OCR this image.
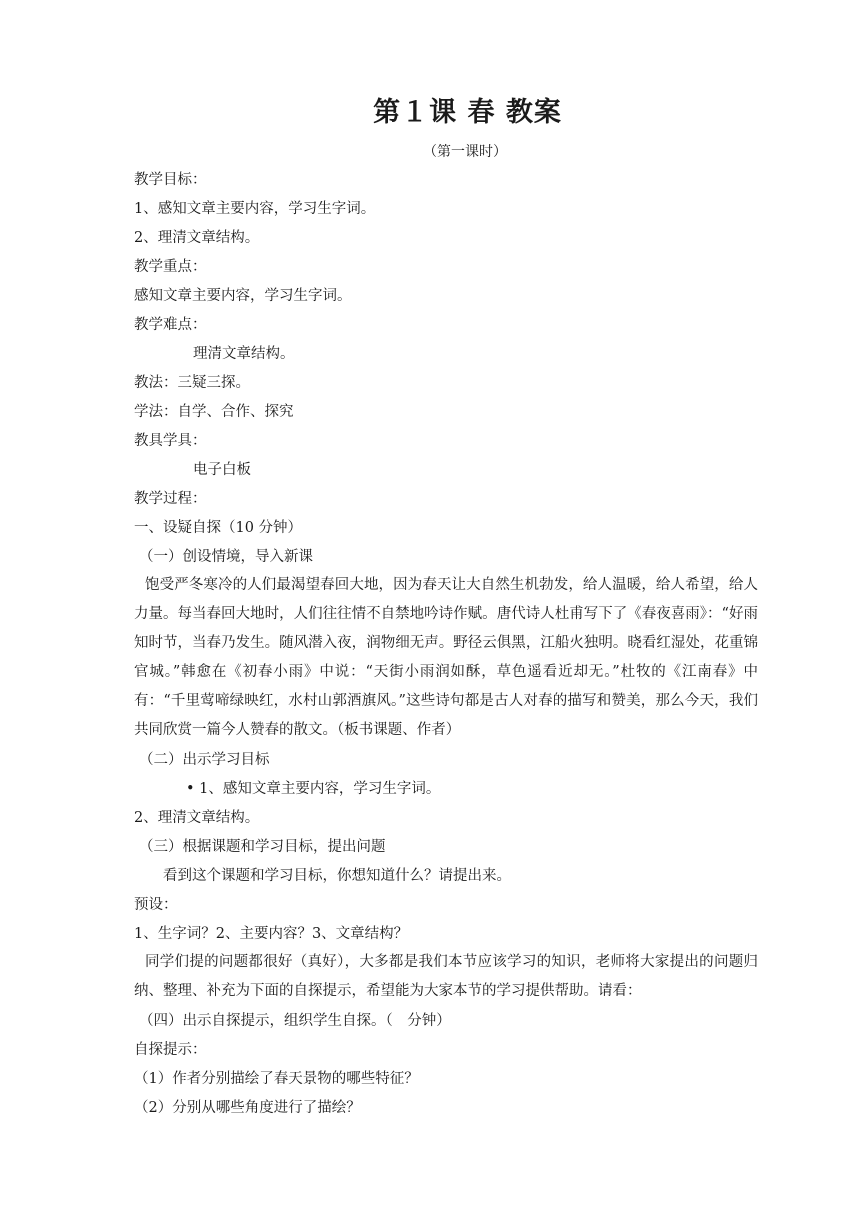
第１课 春 教案
（第一课时）
教学目标：
1、感知文章主要内容，学习生字词。
2、理清文章结构。
教学重点：
感知文章主要内容，学习生字词。
教学难点：
理清文章结构。
教法：三疑三探。
学法：自学、合作、探究
教具学具：
电子白板
教学过程：
一、设疑自探（10 分钟）
（一）创设情境，导入新课
饱受严冬寒冷的人们最渴望春回大地，因为春天让大自然生机勃发，给人温暖，给人希望，给人力量。每当春回大地时，人们往往情不自禁地吟诗作赋。唐代诗人杜甫写下了《春夜喜雨》：“好雨知时节，当春乃发生。随风潜入夜，润物细无声。野径云俱黑，江船火独明。晓看红湿处，花重锦官城。”韩愈在《初春小雨》中说：“天街小雨润如酥，草色遥看近却无。”杜牧的《江南春》中有：“千里莺啼绿映红，水村山郭酒旗风。”这些诗句都是古人对春的描写和赞美，那么今天，我们共同欣赏一篇今人赞春的散文。（板书课题、作者）
（二）出示学习目标
• 1、感知文章主要内容，学习生字词。
2、理清文章结构。
（三）根据课题和学习目标，提出问题
看到这个课题和学习目标，你想知道什么？请提出来。
预设：
1、生字词？2、主要内容？3、文章结构？
同学们提的问题都很好（真好），大多都是我们本节应该学习的知识，老师将大家提出的问题归纳、整理、补充为下面的自探提示，希望能为大家本节的学习提供帮助。请看：
（四）出示自探提示，组织学生自探。（　分钟）
自探提示：
（1）作者分别描绘了春天景物的哪些特征？
（2）分别从哪些角度进行了描绘？
